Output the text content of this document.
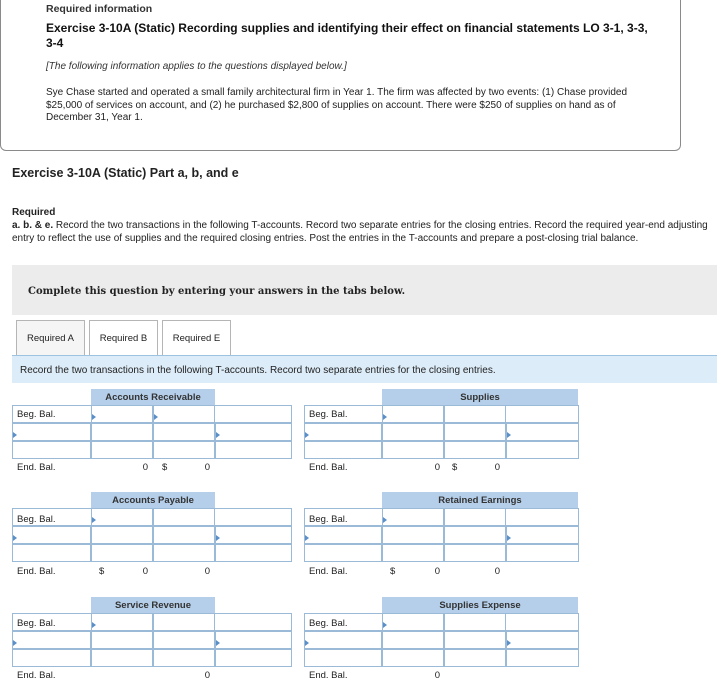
Required information
Exercise 3-10A (Static) Recording supplies and identifying their effect on financial statements LO 3-1, 3-3, 3-4
[The following information applies to the questions displayed below.]
Sye Chase started and operated a small family architectural firm in Year 1. The firm was affected by two events: (1) Chase provided $25,000 of services on account, and (2) he purchased $2,800 of supplies on account. There were $250 of supplies on hand as of December 31, Year 1.
Exercise 3-10A (Static) Part a, b, and e
Required
a. b. & e. Record the two transactions in the following T-accounts. Record two separate entries for the closing entries. Record the required year-end adjusting entry to reflect the use of supplies and the required closing entries. Post the entries in the T-accounts and prepare a post-closing trial balance.
Complete this question by entering your answers in the tabs below.
Required A	Required B	Required E
Record the two transactions in the following T-accounts. Record two separate entries for the closing entries.
Accounts Receivable
Beg. Bal.
End. Bal.	0 $	0
Supplies
Beg. Bal.
End. Bal.	0 $	0
Accounts Payable
Beg. Bal.
End. Bal.	$	0	0
Retained Earnings
Beg. Bal.
End. Bal.	$	0	0
Service Revenue
Beg. Bal.
End. Bal.	0
Supplies Expense
Beg. Bal.
End. Bal.	0
